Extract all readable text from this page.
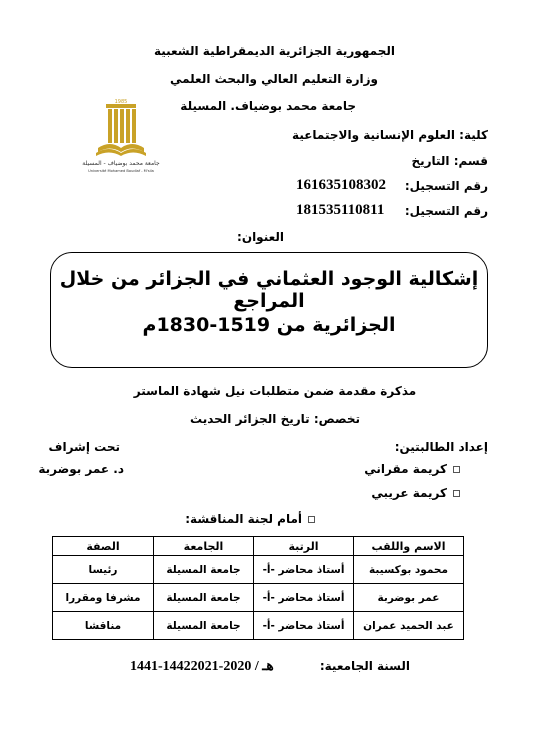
الجمهورية الجزائرية الديمقراطية الشعبية
وزارة التعليم العالي والبحث العلمي
جامعة محمد بوضياف. المسيلة
1985
جامعة محمد بوضياف - المسيلة
Université Mohamed Boudiaf - M'sila
كلية: العلوم الإنسانية والاجتماعية
قسم: التاريخ
161635108302 رقم التسجيل:
181535110811 رقم التسجيل:
العنوان:
إشكالية الوجود العثماني في الجزائر من خلال المراجع
الجزائرية من 1519-1830م
مذكرة مقدمة ضمن متطلبات نيل شهادة الماستر
تخصص: تاريخ الجزائر الحديث
إعداد الطالبتين:
كريمة مقراني
كريمة عريبي
تحت إشراف
د. عمر بوضربة
أمام لجنة المناقشة:
الاسم واللقب	الرتبة	الجامعة	الصفة
محمود بوكسيبة	أستاذ محاضر -أ-	جامعة المسيلة	رئيسا
عمر بوضربة	أستاذ محاضر -أ-	جامعة المسيلة	مشرفا ومقررا
عبد الحميد عمران	أستاذ محاضر -أ-	جامعة المسيلة	مناقشا
1441-1442هـ / 2020-2021	السنة الجامعية:
